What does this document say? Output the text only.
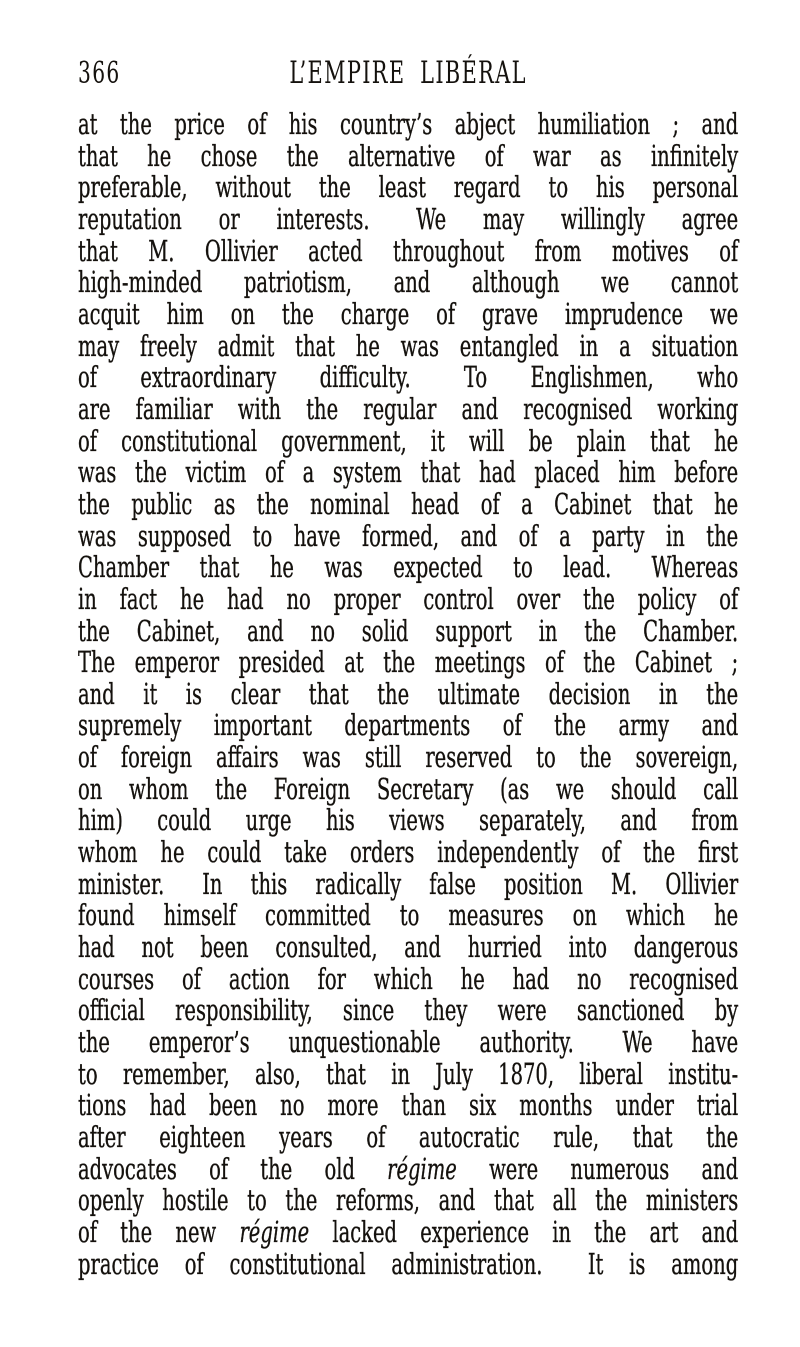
366	L’EMPIRE LIBÉRAL
at the price of his country’s abject humiliation ; and
that he chose the alternative of war as infinitely
preferable, without the least regard to his personal
reputation or interests.  We may willingly agree
that M. Ollivier acted throughout from motives of
high-minded patriotism, and although we cannot
acquit him on the charge of grave imprudence we
may freely admit that he was entangled in a situation
of extraordinary difficulty.  To Englishmen, who
are familiar with the regular and recognised working
of constitutional government, it will be plain that he
was the victim of a system that had placed him before
the public as the nominal head of a Cabinet that he
was supposed to have formed, and of a party in the
Chamber that he was expected to lead.  Whereas
in fact he had no proper control over the policy of
the Cabinet, and no solid support in the Chamber.
The emperor presided at the meetings of the Cabinet ;
and it is clear that the ultimate decision in the
supremely important departments of the army and
of foreign affairs was still reserved to the sovereign,
on whom the Foreign Secretary (as we should call
him) could urge his views separately, and from
whom he could take orders independently of the first
minister.  In this radically false position M. Ollivier
found himself committed to measures on which he
had not been consulted, and hurried into dangerous
courses of action for which he had no recognised
official responsibility, since they were sanctioned by
the emperor’s unquestionable authority.  We have
to remember, also, that in July 1870, liberal institu-
tions had been no more than six months under trial
after eighteen years of autocratic rule, that the
advocates of the old régime were numerous and
openly hostile to the reforms, and that all the ministers
of the new régime lacked experience in the art and
practice of constitutional administration.  It is among
